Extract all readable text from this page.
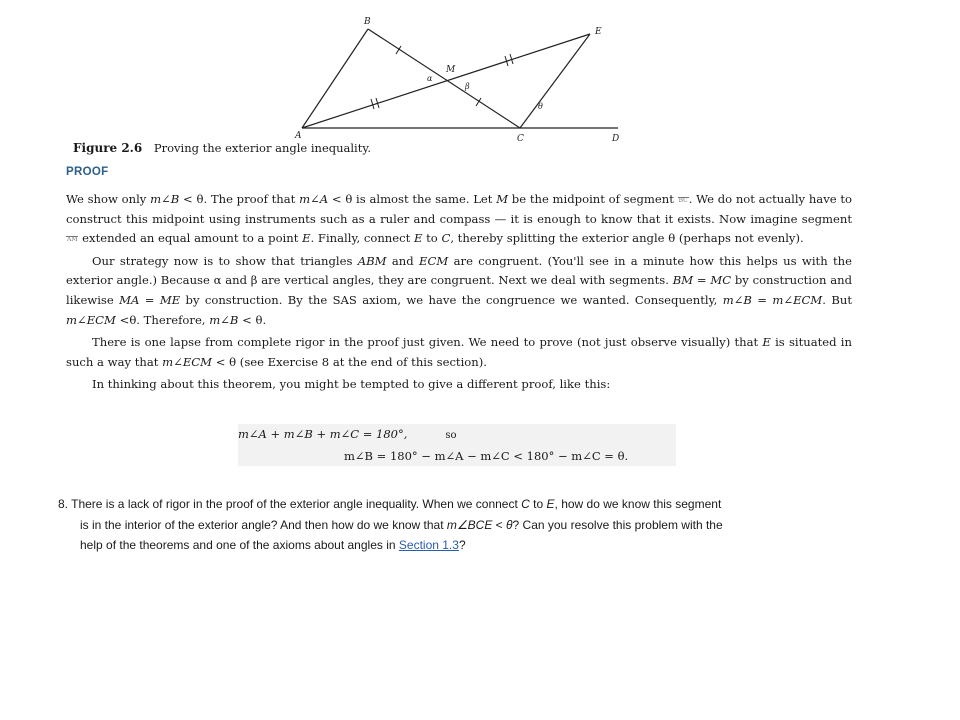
B
E
M
α
β
θ
A	C	D
Figure 2.6 Proving the exterior angle inequality.
PROOF

We show only m∠B < θ. The proof that m∠A < θ is almost the same. Let M be the midpoint of segment BC. We do not actually have to construct this midpoint using instruments such as a ruler and compass — it is enough to know that it exists. Now imagine segment AM extended an equal amount to a point E. Finally, connect E to C, thereby splitting the exterior angle θ (perhaps not evenly).

Our strategy now is to show that triangles ABM and ECM are congruent. (You'll see in a minute how this helps us with the exterior angle.) Because α and β are vertical angles, they are congruent. Next we deal with segments. BM = MC by construction and likewise MA = ME by construction. By the SAS axiom, we have the congruence we wanted. Consequently, m∠B = m∠ECM. But m∠ECM <θ. Therefore, m∠B < θ.

There is one lapse from complete rigor in the proof just given. We need to prove (not just observe visually) that E is situated in such a way that m∠ECM < θ (see Exercise 8 at the end of this section).

In thinking about this theorem, you might be tempted to give a different proof, like this:

m∠A + m∠B + m∠C = 180°,	so
m∠B = 180° − m∠A − m∠C < 180° − m∠C = θ.
8. There is a lack of rigor in the proof of the exterior angle inequality. When we connect C to E, how do we know this segment
is in the interior of the exterior angle? And then how do we know that m∠BCE < θ? Can you resolve this problem with the
help of the theorems and one of the axioms about angles in Section 1.3?
